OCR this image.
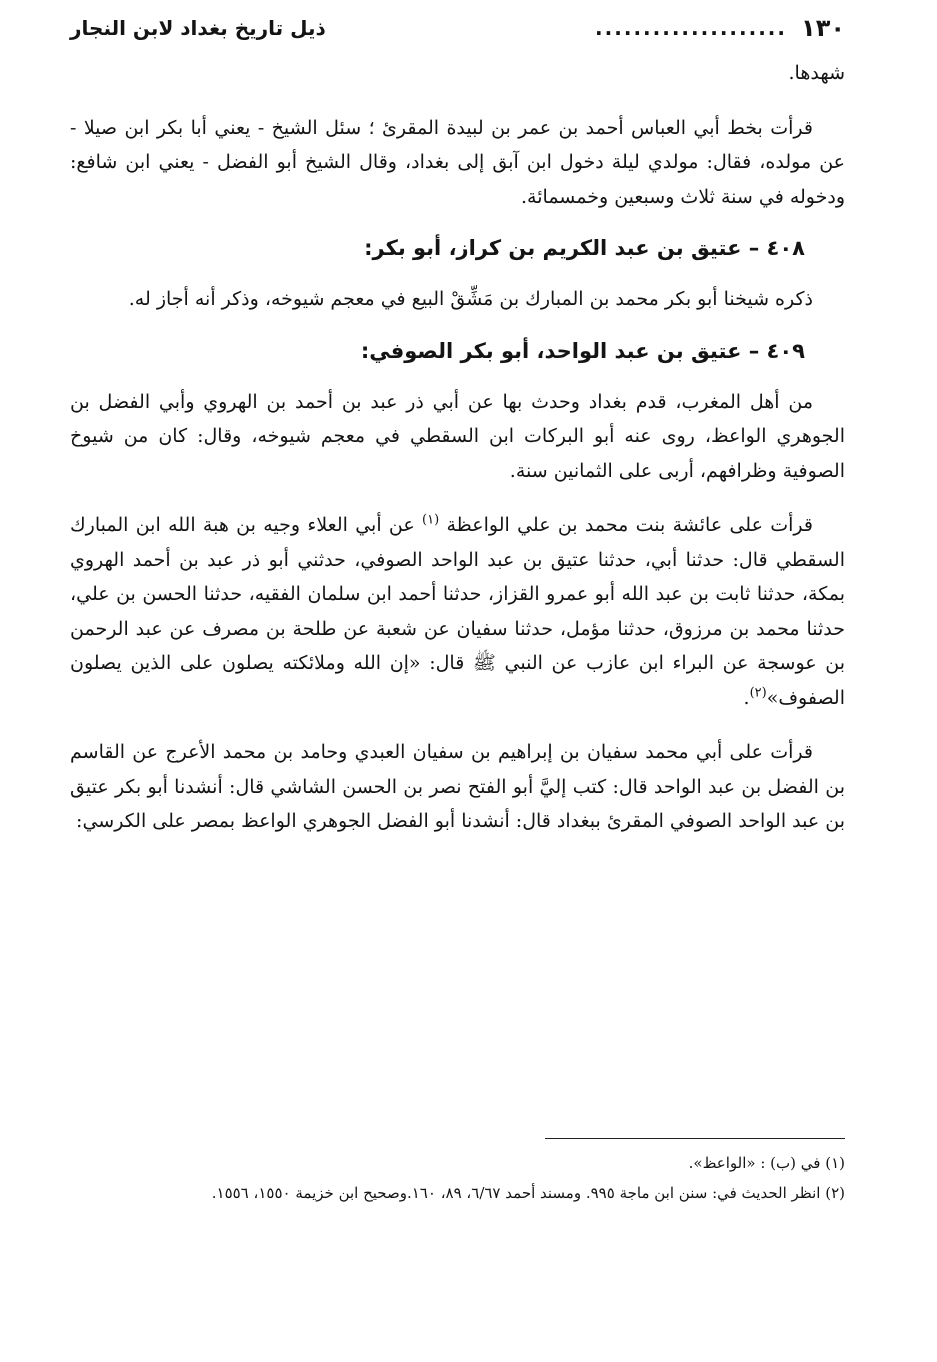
١٣٠
....................
ذيل تاريخ بغداد لابن النجار

شهدها.

قرأت بخط أبي العباس أحمد بن عمر بن لبيدة المقرئ ؛ سئل الشيخ - يعني أبا بكر ابن صيلا - عن مولده، فقال: مولدي ليلة دخول ابن آبق إلى بغداد، وقال الشيخ أبو الفضل - يعني ابن شافع: ودخوله في سنة ثلاث وسبعين وخمسمائة.

٤٠٨ – عتيق بن عبد الكريم بن كراز، أبو بكر:

ذكره شيخنا أبو بكر محمد بن المبارك بن مَشِّقْ البيع في معجم شيوخه، وذكر أنه أجاز له.

٤٠٩ – عتيق بن عبد الواحد، أبو بكر الصوفي:

من أهل المغرب، قدم بغداد وحدث بها عن أبي ذر عبد بن أحمد بن الهروي وأبي الفضل بن الجوهري الواعظ، روى عنه أبو البركات ابن السقطي في معجم شيوخه، وقال: كان من شيوخ الصوفية وظرافهم، أربى على الثمانين سنة.

قرأت على عائشة بنت محمد بن علي الواعظة $^{(١)}$ عن أبي العلاء وجيه بن هبة الله ابن المبارك السقطي قال: حدثنا أبي، حدثنا عتيق بن عبد الواحد الصوفي، حدثني أبو ذر عبد بن أحمد الهروي بمكة، حدثنا ثابت بن عبد الله أبو عمرو القزاز، حدثنا أحمد ابن سلمان الفقيه، حدثنا الحسن بن علي، حدثنا محمد بن مرزوق، حدثنا مؤمل، حدثنا سفيان عن شعبة عن طلحة بن مصرف عن عبد الرحمن بن عوسجة عن البراء ابن عازب عن النبي ﷺ قال: «إن الله وملائكته يصلون على الذين يصلون الصفوف»$^{(٢)}$.

قرأت على أبي محمد سفيان بن إبراهيم بن سفيان العبدي وحامد بن محمد الأعرج عن القاسم بن الفضل بن عبد الواحد قال: كتب إليَّ أبو الفتح نصر بن الحسن الشاشي قال: أنشدنا أبو بكر عتيق بن عبد الواحد الصوفي المقرئ ببغداد قال: أنشدنا أبو الفضل الجوهري الواعظ بمصر على الكرسي:

(١) في (ب) : «الواعظ».

(٢) انظر الحديث في: سنن ابن ماجة ٩٩٥. ومسند أحمد ٦/٦٧، ٨٩، ١٦٠.وصحيح ابن خزيمة ١٥٥٠، ١٥٥٦.
